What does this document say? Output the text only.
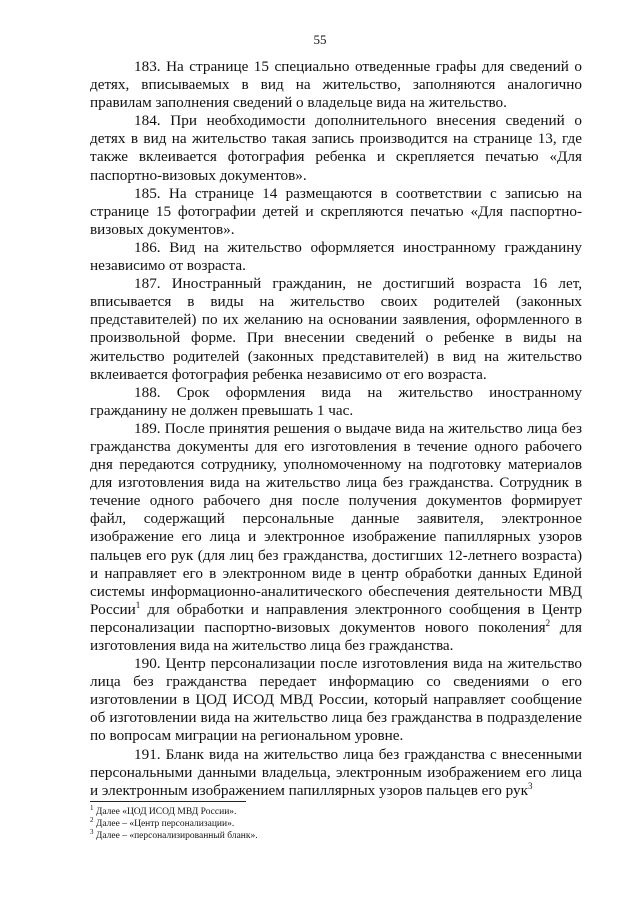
55

183. На странице 15 специально отведенные графы для сведений о детях, вписываемых в вид на жительство, заполняются аналогично правилам заполнения сведений о владельце вида на жительство.

184. При необходимости дополнительного внесения сведений о детях в вид на жительство такая запись производится на странице 13, где также вклеивается фотография ребенка и скрепляется печатью «Для паспортно-визовых документов».

185. На странице 14 размещаются в соответствии с записью на странице 15 фотографии детей и скрепляются печатью «Для паспортно-визовых документов».

186. Вид на жительство оформляется иностранному гражданину независимо от возраста.

187. Иностранный гражданин, не достигший возраста 16 лет, вписывается в виды на жительство своих родителей (законных представителей) по их желанию на основании заявления, оформленного в произвольной форме. При внесении сведений о ребенке в виды на жительство родителей (законных представителей) в вид на жительство вклеивается фотография ребенка независимо от его возраста.

188. Срок оформления вида на жительство иностранному гражданину не должен превышать 1 час.

189. После принятия решения о выдаче вида на жительство лица без гражданства документы для его изготовления в течение одного рабочего дня передаются сотруднику, уполномоченному на подготовку материалов для изготовления вида на жительство лица без гражданства. Сотрудник в течение одного рабочего дня после получения документов формирует файл, содержащий персональные данные заявителя, электронное изображение его лица и электронное изображение папиллярных узоров пальцев его рук (для лиц без гражданства, достигших 12-летнего возраста) и направляет его в электронном виде в центр обработки данных Единой системы информационно-аналитического обеспечения деятельности МВД России$^1$ для обработки и направления электронного сообщения в Центр персонализации паспортно-визовых документов нового поколения$^2$ для изготовления вида на жительство лица без гражданства.

190. Центр персонализации после изготовления вида на жительство лица без гражданства передает информацию со сведениями о его изготовлении в ЦОД ИСОД МВД России, который направляет сообщение об изготовлении вида на жительство лица без гражданства в подразделение по вопросам миграции на региональном уровне.

191. Бланк вида на жительство лица без гражданства с внесенными персональными данными владельца, электронным изображением его лица и электронным изображением папиллярных узоров пальцев его рук$^3$

$^1$ Далее «ЦОД ИСОД МВД России».
$^2$ Далее – «Центр персонализации».
$^3$ Далее – «персонализированный бланк».
